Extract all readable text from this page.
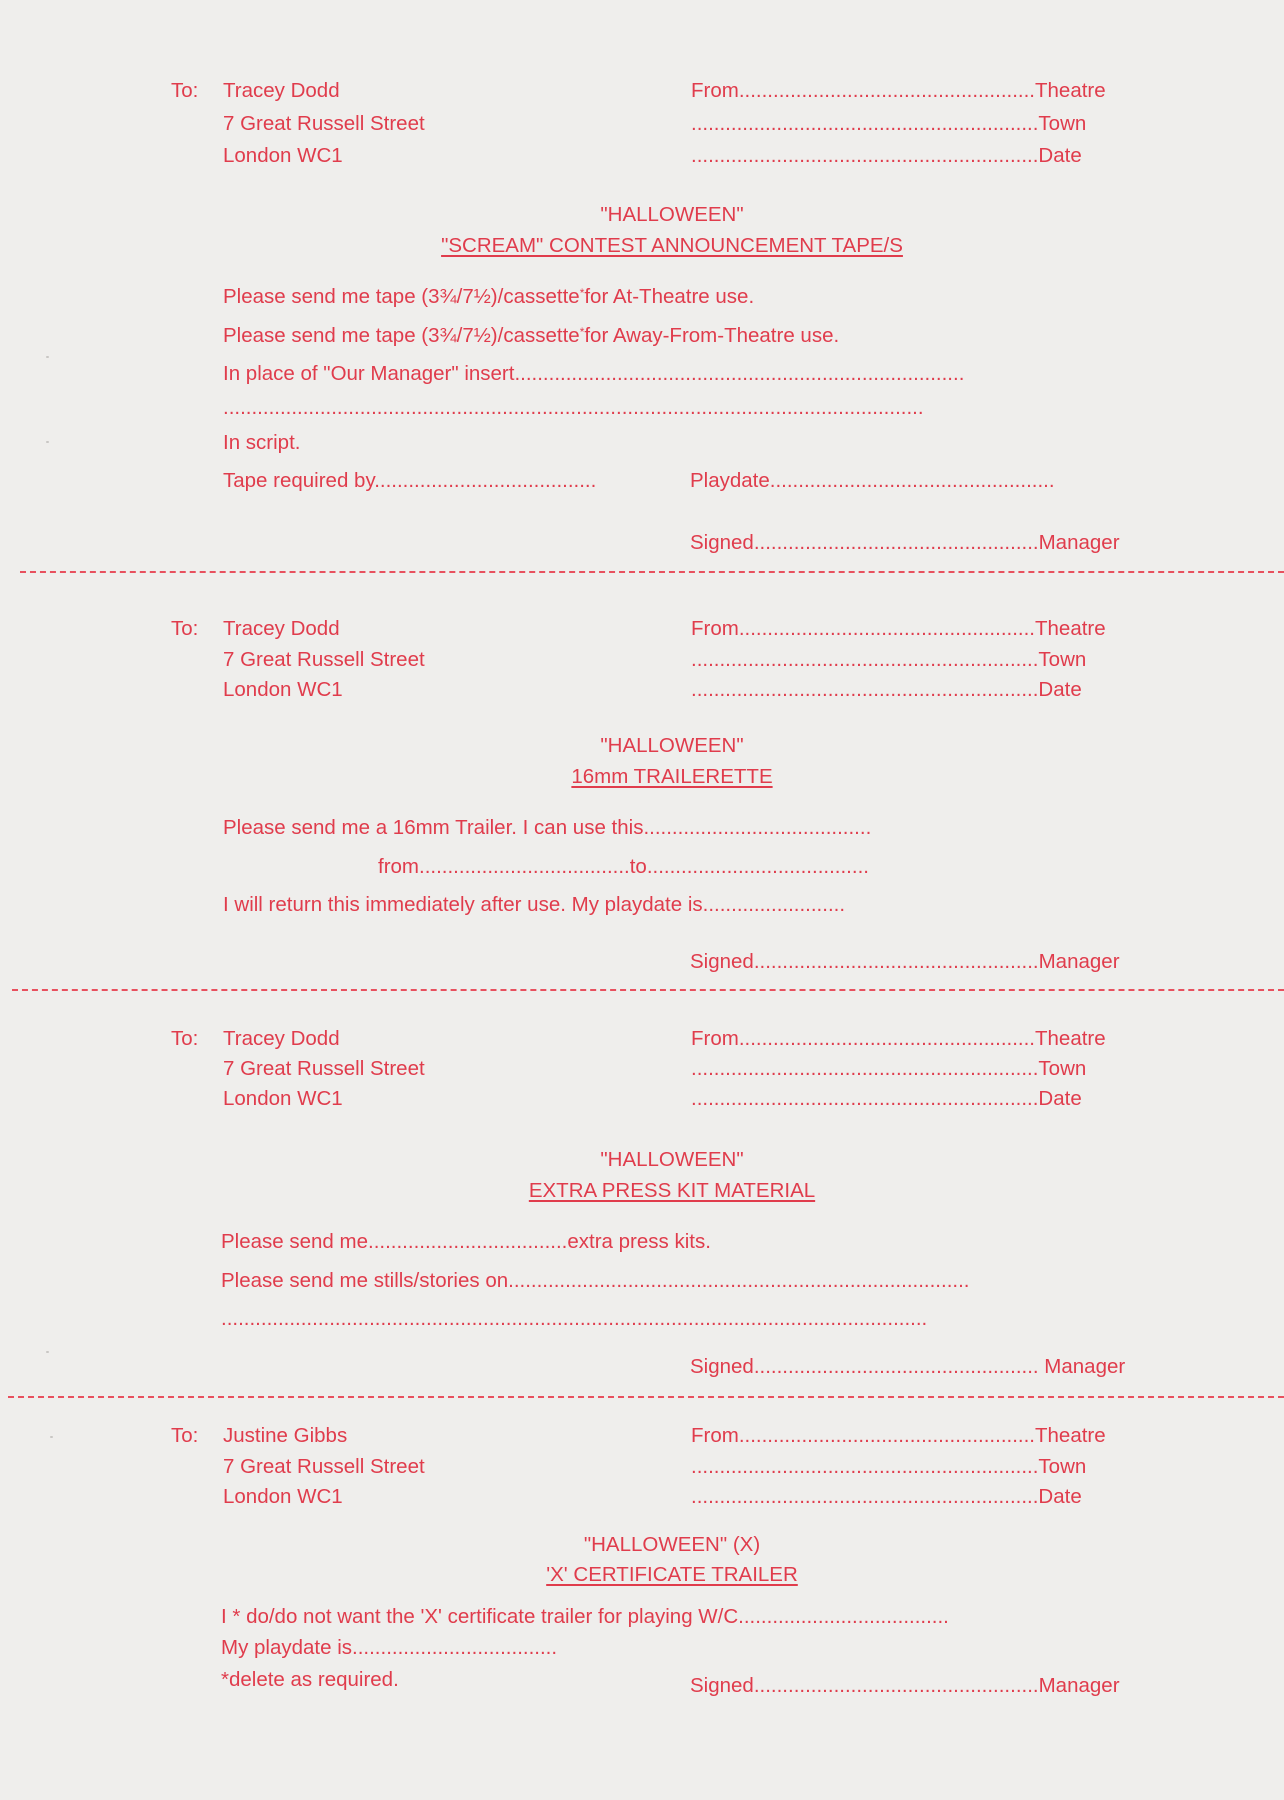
To: Tracey Dodd
7 Great Russell Street
London WC1
From....................................................Theatre
.............................................................Town
.............................................................Date
"HALLOWEEN"
"SCREAM" CONTEST ANNOUNCEMENT TAPE/S
Please send me tape (3¾/7½)/cassette*for At-Theatre use.
Please send me tape (3¾/7½)/cassette*for Away-From-Theatre use.
In place of "Our Manager" insert...............................................................................
...........................................................................................................................
In script.
Tape required by.......................................	Playdate..................................................
Signed..................................................Manager
To: Tracey Dodd
7 Great Russell Street
London WC1
From....................................................Theatre
.............................................................Town
.............................................................Date
"HALLOWEEN"
16mm TRAILERETTE
Please send me a 16mm Trailer. I can use this........................................
from.....................................to.......................................
I will return this immediately after use. My playdate is.........................
Signed..................................................Manager
To: Tracey Dodd
7 Great Russell Street
London WC1
From....................................................Theatre
.............................................................Town
.............................................................Date
"HALLOWEEN"
EXTRA PRESS KIT MATERIAL
Please send me...................................extra press kits.
Please send me stills/stories on.................................................................................
............................................................................................................................
Signed.................................................. Manager
To: Justine Gibbs
7 Great Russell Street
London WC1
From....................................................Theatre
.............................................................Town
.............................................................Date
"HALLOWEEN" (X)
'X' CERTIFICATE TRAILER
I * do/do not want the 'X' certificate trailer for playing W/C.....................................
My playdate is....................................
*delete as required.	Signed..................................................Manager
